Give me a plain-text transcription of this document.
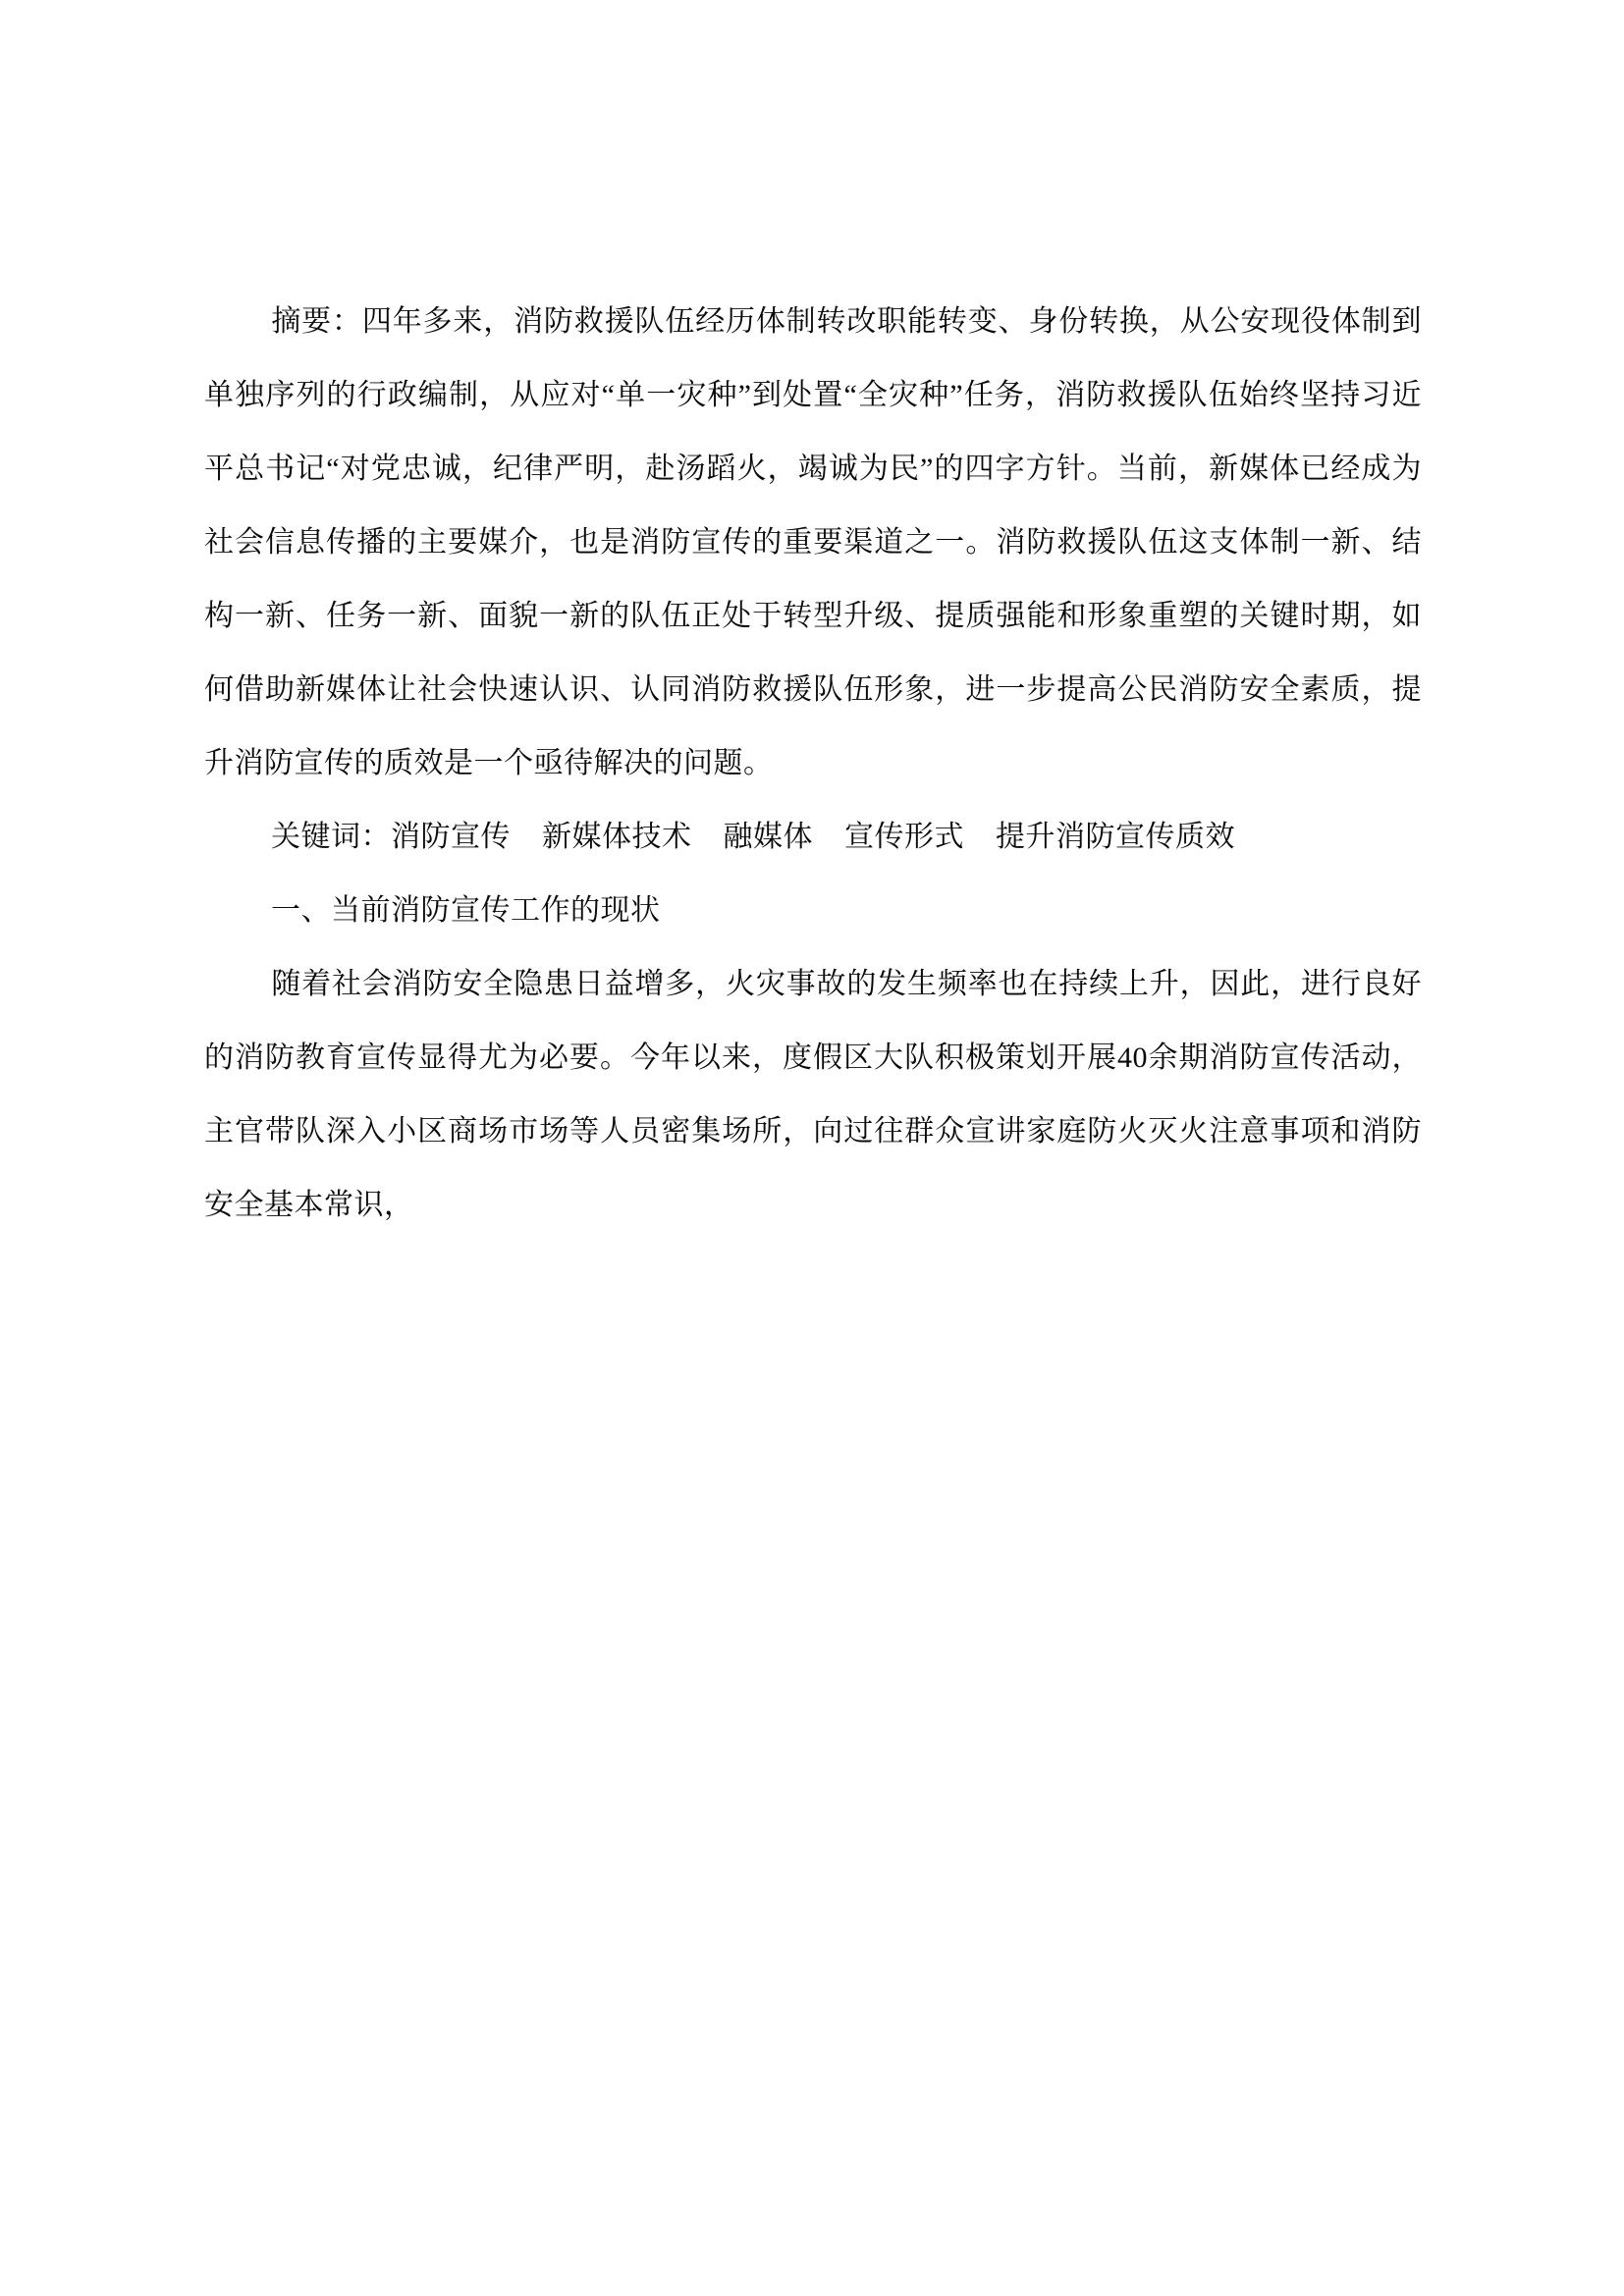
摘要：四年多来，消防救援队伍经历体制转改职能转变、身份转换，从公安现役体制到单独序列的行政编制，从应对“单一灾种”到处置“全灾种”任务，消防救援队伍始终坚持习近平总书记“对党忠诚，纪律严明，赴汤蹈火，竭诚为民”的四字方针。当前，新媒体已经成为社会信息传播的主要媒介，也是消防宣传的重要渠道之一。消防救援队伍这支体制一新、结构一新、任务一新、面貌一新的队伍正处于转型升级、提质强能和形象重塑的关键时期，如何借助新媒体让社会快速认识、认同消防救援队伍形象，进一步提高公民消防安全素质，提升消防宣传的质效是一个亟待解决的问题。

关键词：消防宣传    新媒体技术    融媒体    宣传形式    提升消防宣传质效

一、当前消防宣传工作的现状

随着社会消防安全隐患日益增多，火灾事故的发生频率也在持续上升，因此，进行良好的消防教育宣传显得尤为必要。今年以来，度假区大队积极策划开展40余期消防宣传活动，主官带队深入小区商场市场等人员密集场所，向过往群众宣讲家庭防火灭火注意事项和消防安全基本常识，
